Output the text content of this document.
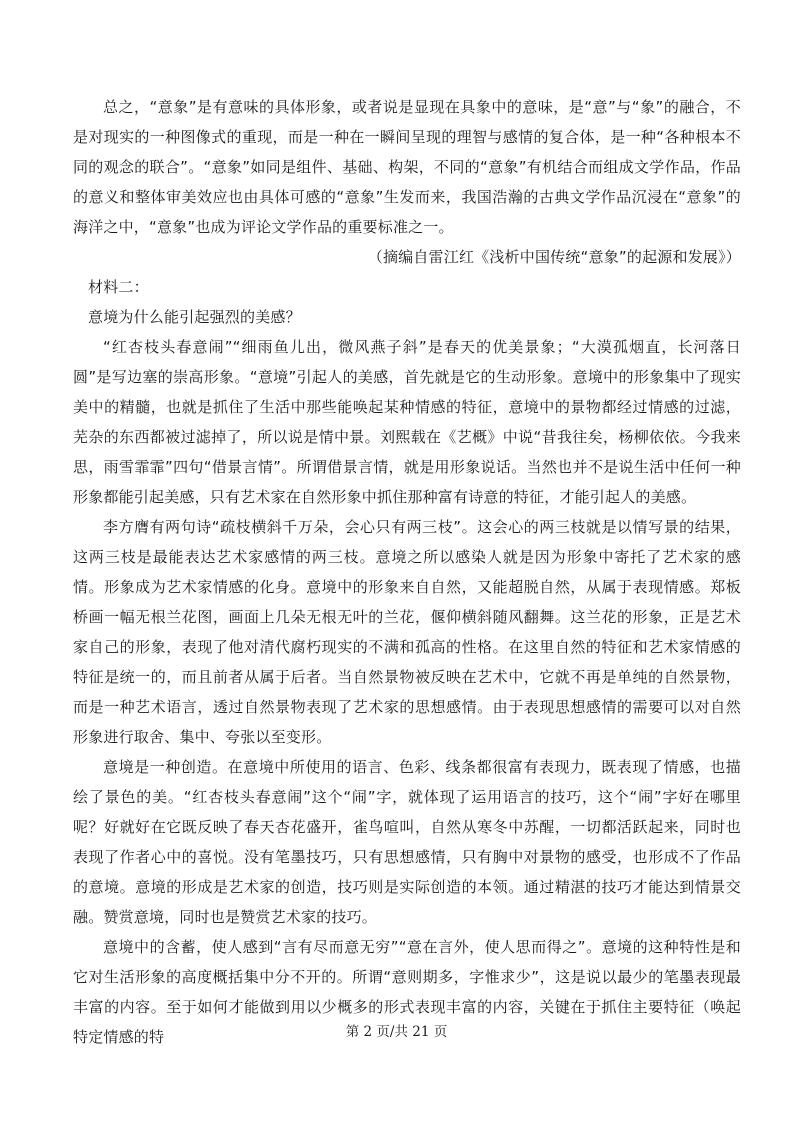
总之，“意象”是有意味的具体形象，或者说是显现在具象中的意味，是“意”与“象”的融合，不是对现实的一种图像式的重现，而是一种在一瞬间呈现的理智与感情的复合体，是一种“各种根本不同的观念的联合”。“意象”如同是组件、基础、构架，不同的“意象”有机结合而组成文学作品，作品的意义和整体审美效应也由具体可感的“意象”生发而来，我国浩瀚的古典文学作品沉浸在“意象”的海洋之中，“意象”也成为评论文学作品的重要标准之一。

（摘编自雷江红《浅析中国传统“意象”的起源和发展》）

材料二：

意境为什么能引起强烈的美感？

“红杏枝头春意闹”“细雨鱼儿出，微风燕子斜”是春天的优美景象；“大漠孤烟直，长河落日圆”是写边塞的崇高形象。“意境”引起人的美感，首先就是它的生动形象。意境中的形象集中了现实美中的精髓，也就是抓住了生活中那些能唤起某种情感的特征，意境中的景物都经过情感的过滤，芜杂的东西都被过滤掉了，所以说是情中景。刘熙载在《艺概》中说“昔我往矣，杨柳依依。今我来思，雨雪霏霏”四句“借景言情”。所谓借景言情，就是用形象说话。当然也并不是说生活中任何一种形象都能引起美感，只有艺术家在自然形象中抓住那种富有诗意的特征，才能引起人的美感。

李方膺有两句诗“疏枝横斜千万朵，会心只有两三枝”。这会心的两三枝就是以情写景的结果，这两三枝是最能表达艺术家感情的两三枝。意境之所以感染人就是因为形象中寄托了艺术家的感情。形象成为艺术家情感的化身。意境中的形象来自自然，又能超脱自然，从属于表现情感。郑板桥画一幅无根兰花图，画面上几朵无根无叶的兰花，偃仰横斜随风翻舞。这兰花的形象，正是艺术家自己的形象，表现了他对清代腐朽现实的不满和孤高的性格。在这里自然的特征和艺术家情感的特征是统一的，而且前者从属于后者。当自然景物被反映在艺术中，它就不再是单纯的自然景物，而是一种艺术语言，透过自然景物表现了艺术家的思想感情。由于表现思想感情的需要可以对自然形象进行取舍、集中、夸张以至变形。

意境是一种创造。在意境中所使用的语言、色彩、线条都很富有表现力，既表现了情感，也描绘了景色的美。“红杏枝头春意闹”这个“闹”字，就体现了运用语言的技巧，这个“闹”字好在哪里呢？好就好在它既反映了春天杏花盛开，雀鸟喧叫，自然从寒冬中苏醒，一切都活跃起来，同时也表现了作者心中的喜悦。没有笔墨技巧，只有思想感情，只有胸中对景物的感受，也形成不了作品的意境。意境的形成是艺术家的创造，技巧则是实际创造的本领。通过精湛的技巧才能达到情景交融。赞赏意境，同时也是赞赏艺术家的技巧。

意境中的含蓄，使人感到“言有尽而意无穷”“意在言外，使人思而得之”。意境的这种特性是和它对生活形象的高度概括集中分不开的。所谓“意则期多，字惟求少”，这是说以最少的笔墨表现最丰富的内容。至于如何才能做到用以少概多的形式表现丰富的内容，关键在于抓住主要特征（唤起特定情感的特	第 2 页/共 21 页
